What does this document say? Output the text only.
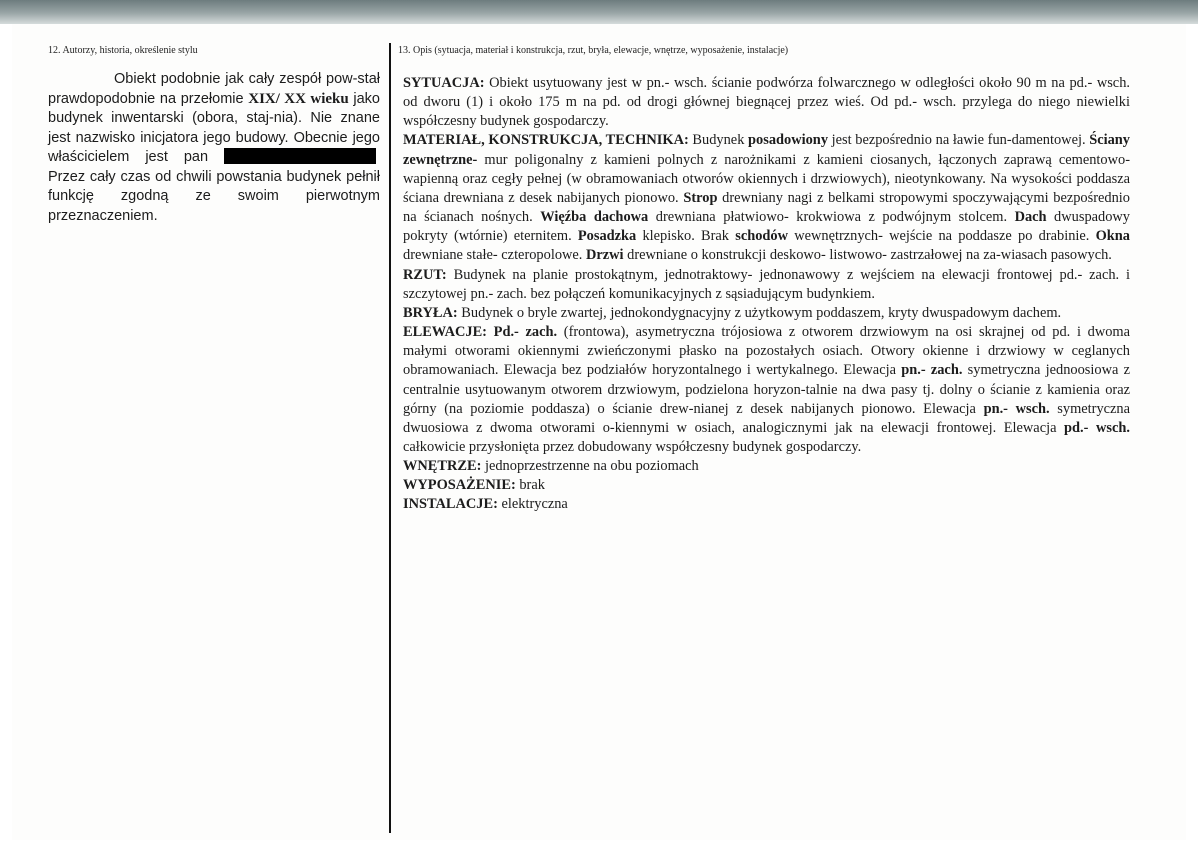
12. Autorzy, historia, określenie stylu	13. Opis (sytuacja, materiał i konstrukcja, rzut, bryła, elewacje, wnętrze, wyposażenie, instalacje)

Obiekt podobnie jak cały zespół pow-stał prawdopodobnie na przełomie XIX/ XX wieku jako budynek inwentarski (obora, staj-nia). Nie znane jest nazwisko inicjatora jego budowy. Obecnie jego właścicielem jest pan Przez cały czas od chwili powstania budynek pełnił funkcję zgodną ze swoim pierwotnym przeznaczeniem.

SYTUACJA: Obiekt usytuowany jest w pn.- wsch. ścianie podwórza folwarcznego w odległości około 90 m na pd.- wsch. od dworu (1) i około 175 m na pd. od drogi głównej biegnącej przez wieś. Od pd.- wsch. przylega do niego niewielki współczesny budynek gospodarczy.

MATERIAŁ, KONSTRUKCJA, TECHNIKA: Budynek posadowiony jest bezpośrednio na ławie fun-damentowej. Ściany zewnętrzne- mur poligonalny z kamieni polnych z narożnikami z kamieni ciosanych, łączonych zaprawą cementowo- wapienną oraz cegły pełnej (w obramowaniach otworów okiennych i drzwiowych), nieotynkowany. Na wysokości poddasza ściana drewniana z desek nabijanych pionowo. Strop drewniany nagi z belkami stropowymi spoczywającymi bezpośrednio na ścianach nośnych. Więźba dachowa drewniana płatwiowo- krokwiowa z podwójnym stolcem. Dach dwuspadowy pokryty (wtórnie) eternitem. Posadzka klepisko. Brak schodów wewnętrznych- wejście na poddasze po drabinie. Okna drewniane stałe- czteropolowe. Drzwi drewniane o konstrukcji deskowo- listwowo- zastrzałowej na za-wiasach pasowych.

RZUT: Budynek na planie prostokątnym, jednotraktowy- jednonawowy z wejściem na elewacji frontowej pd.- zach. i szczytowej pn.- zach. bez połączeń komunikacyjnych z sąsiadującym budynkiem.

BRYŁA: Budynek o bryle zwartej, jednokondygnacyjny z użytkowym poddaszem, kryty dwuspadowym dachem.

ELEWACJE: Pd.- zach. (frontowa), asymetryczna trójosiowa z otworem drzwiowym na osi skrajnej od pd. i dwoma małymi otworami okiennymi zwieńczonymi płasko na pozostałych osiach. Otwory okienne i drzwiowy w ceglanych obramowaniach. Elewacja bez podziałów horyzontalnego i wertykalnego. Elewacja pn.- zach. symetryczna jednoosiowa z centralnie usytuowanym otworem drzwiowym, podzielona horyzon-talnie na dwa pasy tj. dolny o ścianie z kamienia oraz górny (na poziomie poddasza) o ścianie drew-nianej z desek nabijanych pionowo. Elewacja pn.- wsch. symetryczna dwuosiowa z dwoma otworami o-kiennymi w osiach, analogicznymi jak na elewacji frontowej. Elewacja pd.- wsch. całkowicie przysłonięta przez dobudowany współczesny budynek gospodarczy.

WNĘTRZE: jednoprzestrzenne na obu poziomach

WYPOSAŻENIE: brak

INSTALACJE: elektryczna
